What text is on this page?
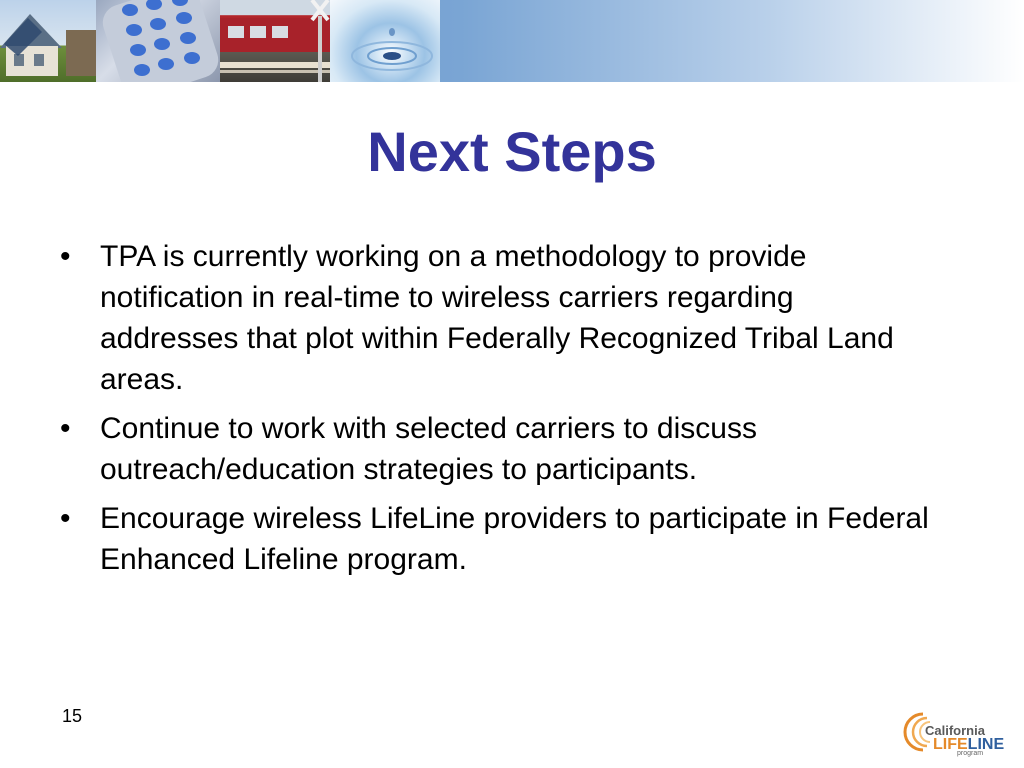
Next Steps
• TPA is currently working on a methodology to provide notification in real-time to wireless carriers regarding addresses that plot within Federally Recognized Tribal Land areas.
• Continue to work with selected carriers to discuss outreach/education strategies to participants.
• Encourage wireless LifeLine providers to participate in Federal Enhanced Lifeline program.
15
California
LIFELINE
program
